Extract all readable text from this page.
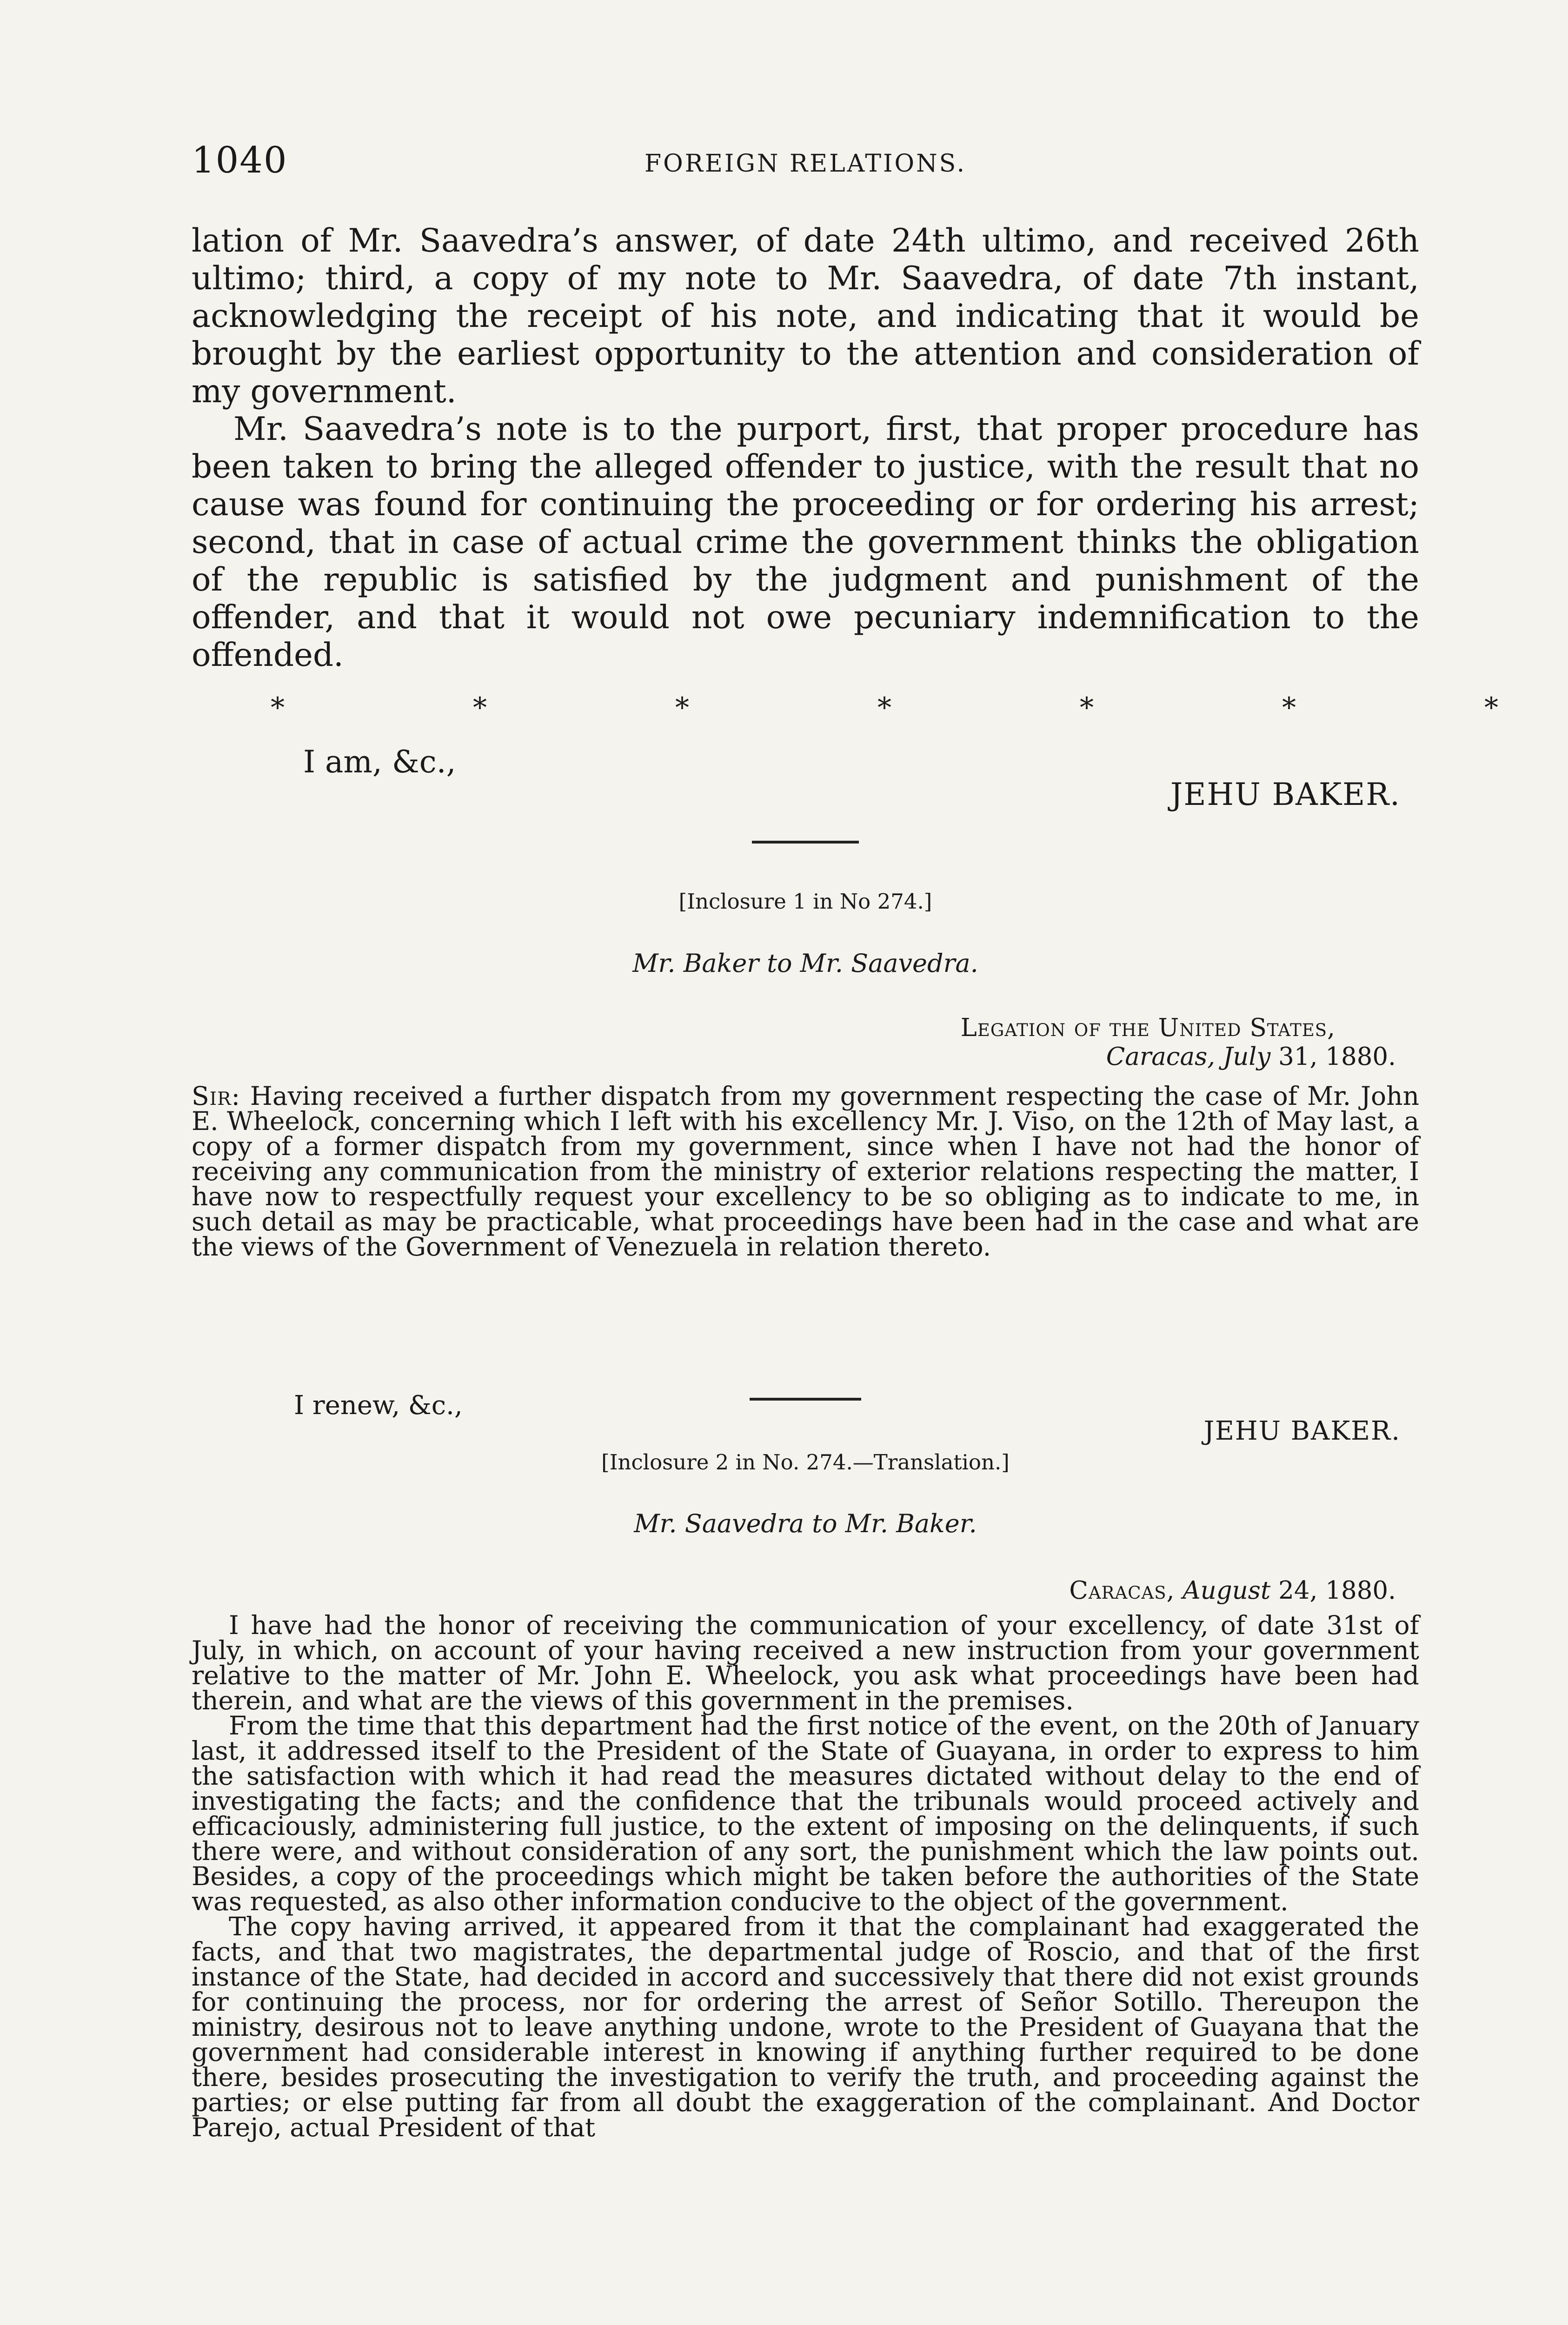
1040	FOREIGN RELATIONS.

lation of Mr. Saavedra’s answer, of date 24th ultimo, and received 26th ultimo; third, a copy of my note to Mr. Saavedra, of date 7th instant, acknowledging the receipt of his note, and indicating that it would be brought by the earliest opportunity to the attention and consideration of my government.

Mr. Saavedra’s note is to the purport, first, that proper procedure has been taken to bring the alleged offender to justice, with the result that no cause was found for continuing the proceeding or for ordering his arrest; second, that in case of actual crime the government thinks the obligation of the republic is satisfied by the judgment and punishment of the offender, and that it would not owe pecuniary indemnification to the offended.

*	*	*	*	*	*	*
I am, &c.,
JEHU BAKER.
[Inclosure 1 in No 274.]
Mr. Baker to Mr. Saavedra.
Legation of the United States,
Caracas, July 31, 1880.

Sir: Having received a further dispatch from my government respecting the case of Mr. John E. Wheelock, concerning which I left with his excellency Mr. J. Viso, on the 12th of May last, a copy of a former dispatch from my government, since when I have not had the honor of receiving any communication from the ministry of exterior relations respecting the matter, I have now to respectfully request your excellency to be so obliging as to indicate to me, in such detail as may be practicable, what proceedings have been had in the case and what are the views of the Government of Venezuela in relation thereto.

I renew, &c.,
JEHU BAKER.
[Inclosure 2 in No. 274.—Translation.]
Mr. Saavedra to Mr. Baker.
Caracas, August 24, 1880.

I have had the honor of receiving the communication of your excellency, of date 31st of July, in which, on account of your having received a new instruction from your government relative to the matter of Mr. John E. Wheelock, you ask what proceedings have been had therein, and what are the views of this government in the premises.

From the time that this department had the first notice of the event, on the 20th of January last, it addressed itself to the President of the State of Guayana, in order to express to him the satisfaction with which it had read the measures dictated without delay to the end of investigating the facts; and the confidence that the tribunals would proceed actively and efficaciously, administering full justice, to the extent of imposing on the delinquents, if such there were, and without consideration of any sort, the punishment which the law points out. Besides, a copy of the proceedings which might be taken before the authorities of the State was requested, as also other information conducive to the object of the government.

The copy having arrived, it appeared from it that the complainant had exaggerated the facts, and that two magistrates, the departmental judge of Roscio, and that of the first instance of the State, had decided in accord and successively that there did not exist grounds for continuing the process, nor for ordering the arrest of Señor Sotillo. Thereupon the ministry, desirous not to leave anything undone, wrote to the President of Guayana that the government had considerable interest in knowing if anything further required to be done there, besides prosecuting the investigation to verify the truth, and proceeding against the parties; or else putting far from all doubt the exaggeration of the complainant. And Doctor Parejo, actual President of that
